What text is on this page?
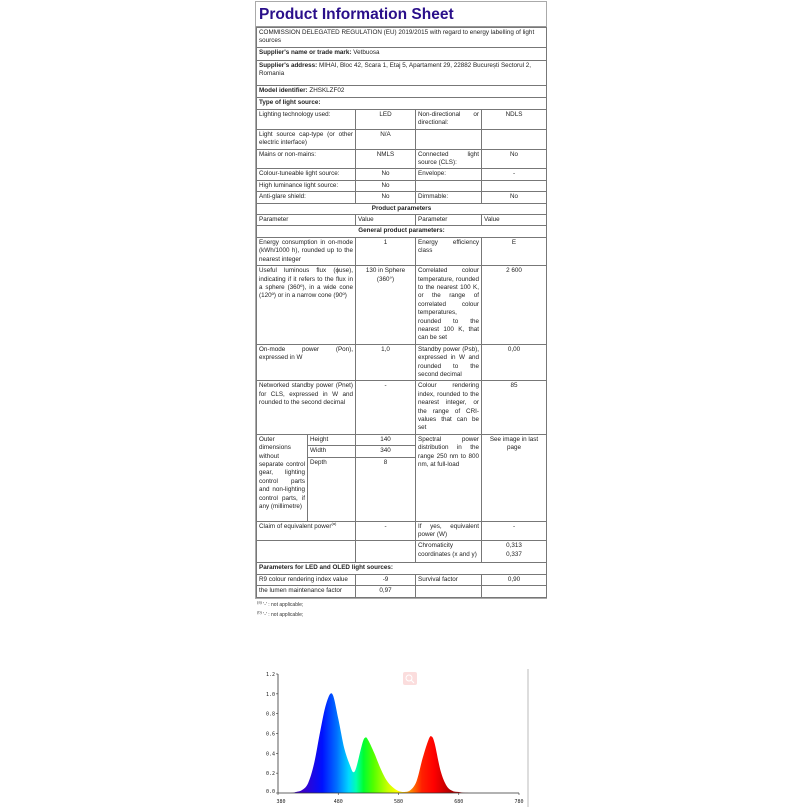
Product Information Sheet
COMMISSION DELEGATED REGULATION (EU) 2019/2015 with regard to energy labelling of light sources				
Supplier's name or trade mark: Vetbuosa				
Supplier's address: MIHAI, Bloc 42, Scara 1, Etaj 5, Apartament 29, 22882 București Sectorul 2, Romania				
Model identifier: ZHSKLZF02				
Type of light source:				
Lighting technology used:		LED	Non-directional or directional:	NDLS
Light source cap-type (or other electric interface)		N/A		
Mains or non-mains:		NMLS	Connected light source (CLS):	No
Colour-tuneable light source:		No	Envelope:	-
High luminance light source:		No		
Anti-glare shield:		No	Dimmable:	No
Product parameters				
Parameter		Value	Parameter	Value
General product parameters:				
Energy consumption in on-mode (kWh/1000 h), rounded up to the nearest integer		1	Energy efficiency class	E
Useful luminous flux (ϕuse), indicating if it refers to the flux in a sphere (360º), in a wide cone (120º) or in a narrow cone (90º)		130 in Sphere (360°)	Correlated colour temperature, rounded to the nearest 100 K, or the range of correlated colour temperatures, rounded to the nearest 100 K, that can be set	2 600
On-mode power (Pon), expressed in W		1,0	Standby power (Psb), expressed in W and rounded to the second decimal	0,00
Networked standby power (Pnet) for CLS, expressed in W and rounded to the second decimal		-	Colour rendering index, rounded to the nearest integer, or the range of CRI-values that can be set	85
Outer dimensions without separate control gear, lighting control parts and non-lighting control parts, if any (millimetre)	Height	140	Spectral power distribution in the range 250 nm to 800 nm, at full-load	See image in last page
	Width	340		
	Depth	8		
Claim of equivalent power$^{(a)}$		-	If yes, equivalent power (W)	-
			Chromaticity coordinates (x and y)	0,313
0,337
Parameters for LED and OLED light sources:				
R9 colour rendering index value		-9	Survival factor	0,90
the lumen maintenance factor		0,97		
$^{(a)}$ '-' : not applicable;
$^{(b)}$ '-' : not applicable;
0.0
0.2
0.4
0.6
0.8
1.0
1.2
380	480	580	680	780
